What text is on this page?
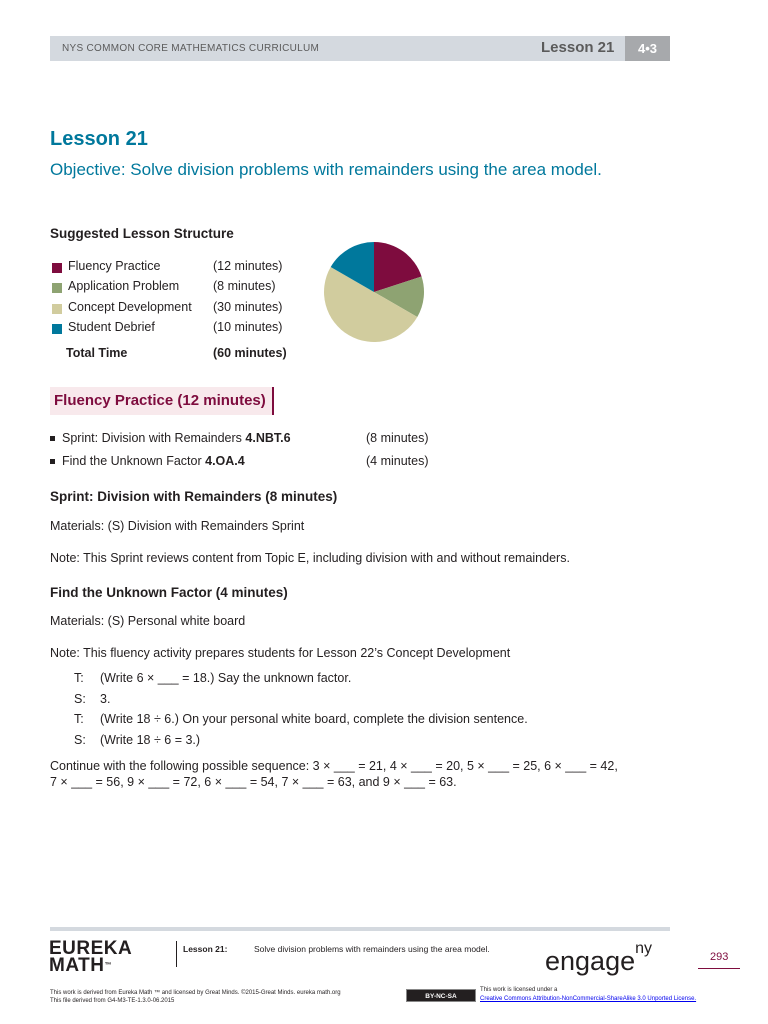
NYS COMMON CORE MATHEMATICS CURRICULUM	Lesson 21	4•3
Lesson 21
Objective: Solve division problems with remainders using the area model.
Suggested Lesson Structure
Fluency Practice	(12 minutes)
Application Problem	(8 minutes)
Concept Development (30 minutes)
Student Debrief	(10 minutes)
Total Time	(60 minutes)
Fluency Practice (12 minutes)
Sprint: Division with Remainders 4.NBT.6	(8 minutes)
Find the Unknown Factor 4.OA.4	(4 minutes)
Sprint: Division with Remainders (8 minutes)
Materials: (S) Division with Remainders Sprint
Note: This Sprint reviews content from Topic E, including division with and without remainders.
Find the Unknown Factor (4 minutes)
Materials: (S) Personal white board
Note: This fluency activity prepares students for Lesson 22’s Concept Development
T: (Write 6 × ___ = 18.) Say the unknown factor.
S: 3.
T: (Write 18 ÷ 6.) On your personal white board, complete the division sentence.
S: (Write 18 ÷ 6 = 3.)
Continue with the following possible sequence: 3 × ___ = 21, 4 × ___ = 20, 5 × ___ = 25, 6 × ___ = 42,
7 × ___ = 56, 9 × ___ = 72, 6 × ___ = 54, 7 × ___ = 63, and 9 × ___ = 63.
EUREKA
MATH™
Lesson 21:	Solve division problems with remainders using the area model. engage$^{ny}$	293
This work is derived from Eureka Math ™ and licensed by Great Minds. ©2015-Great Minds. eureka math.org
This file derived from G4-M3-TE-1.3.0-06.2015
BY-NC-SA
This work is licensed under a
Creative Commons Attribution-NonCommercial-ShareAlike 3.0 Unported License.
